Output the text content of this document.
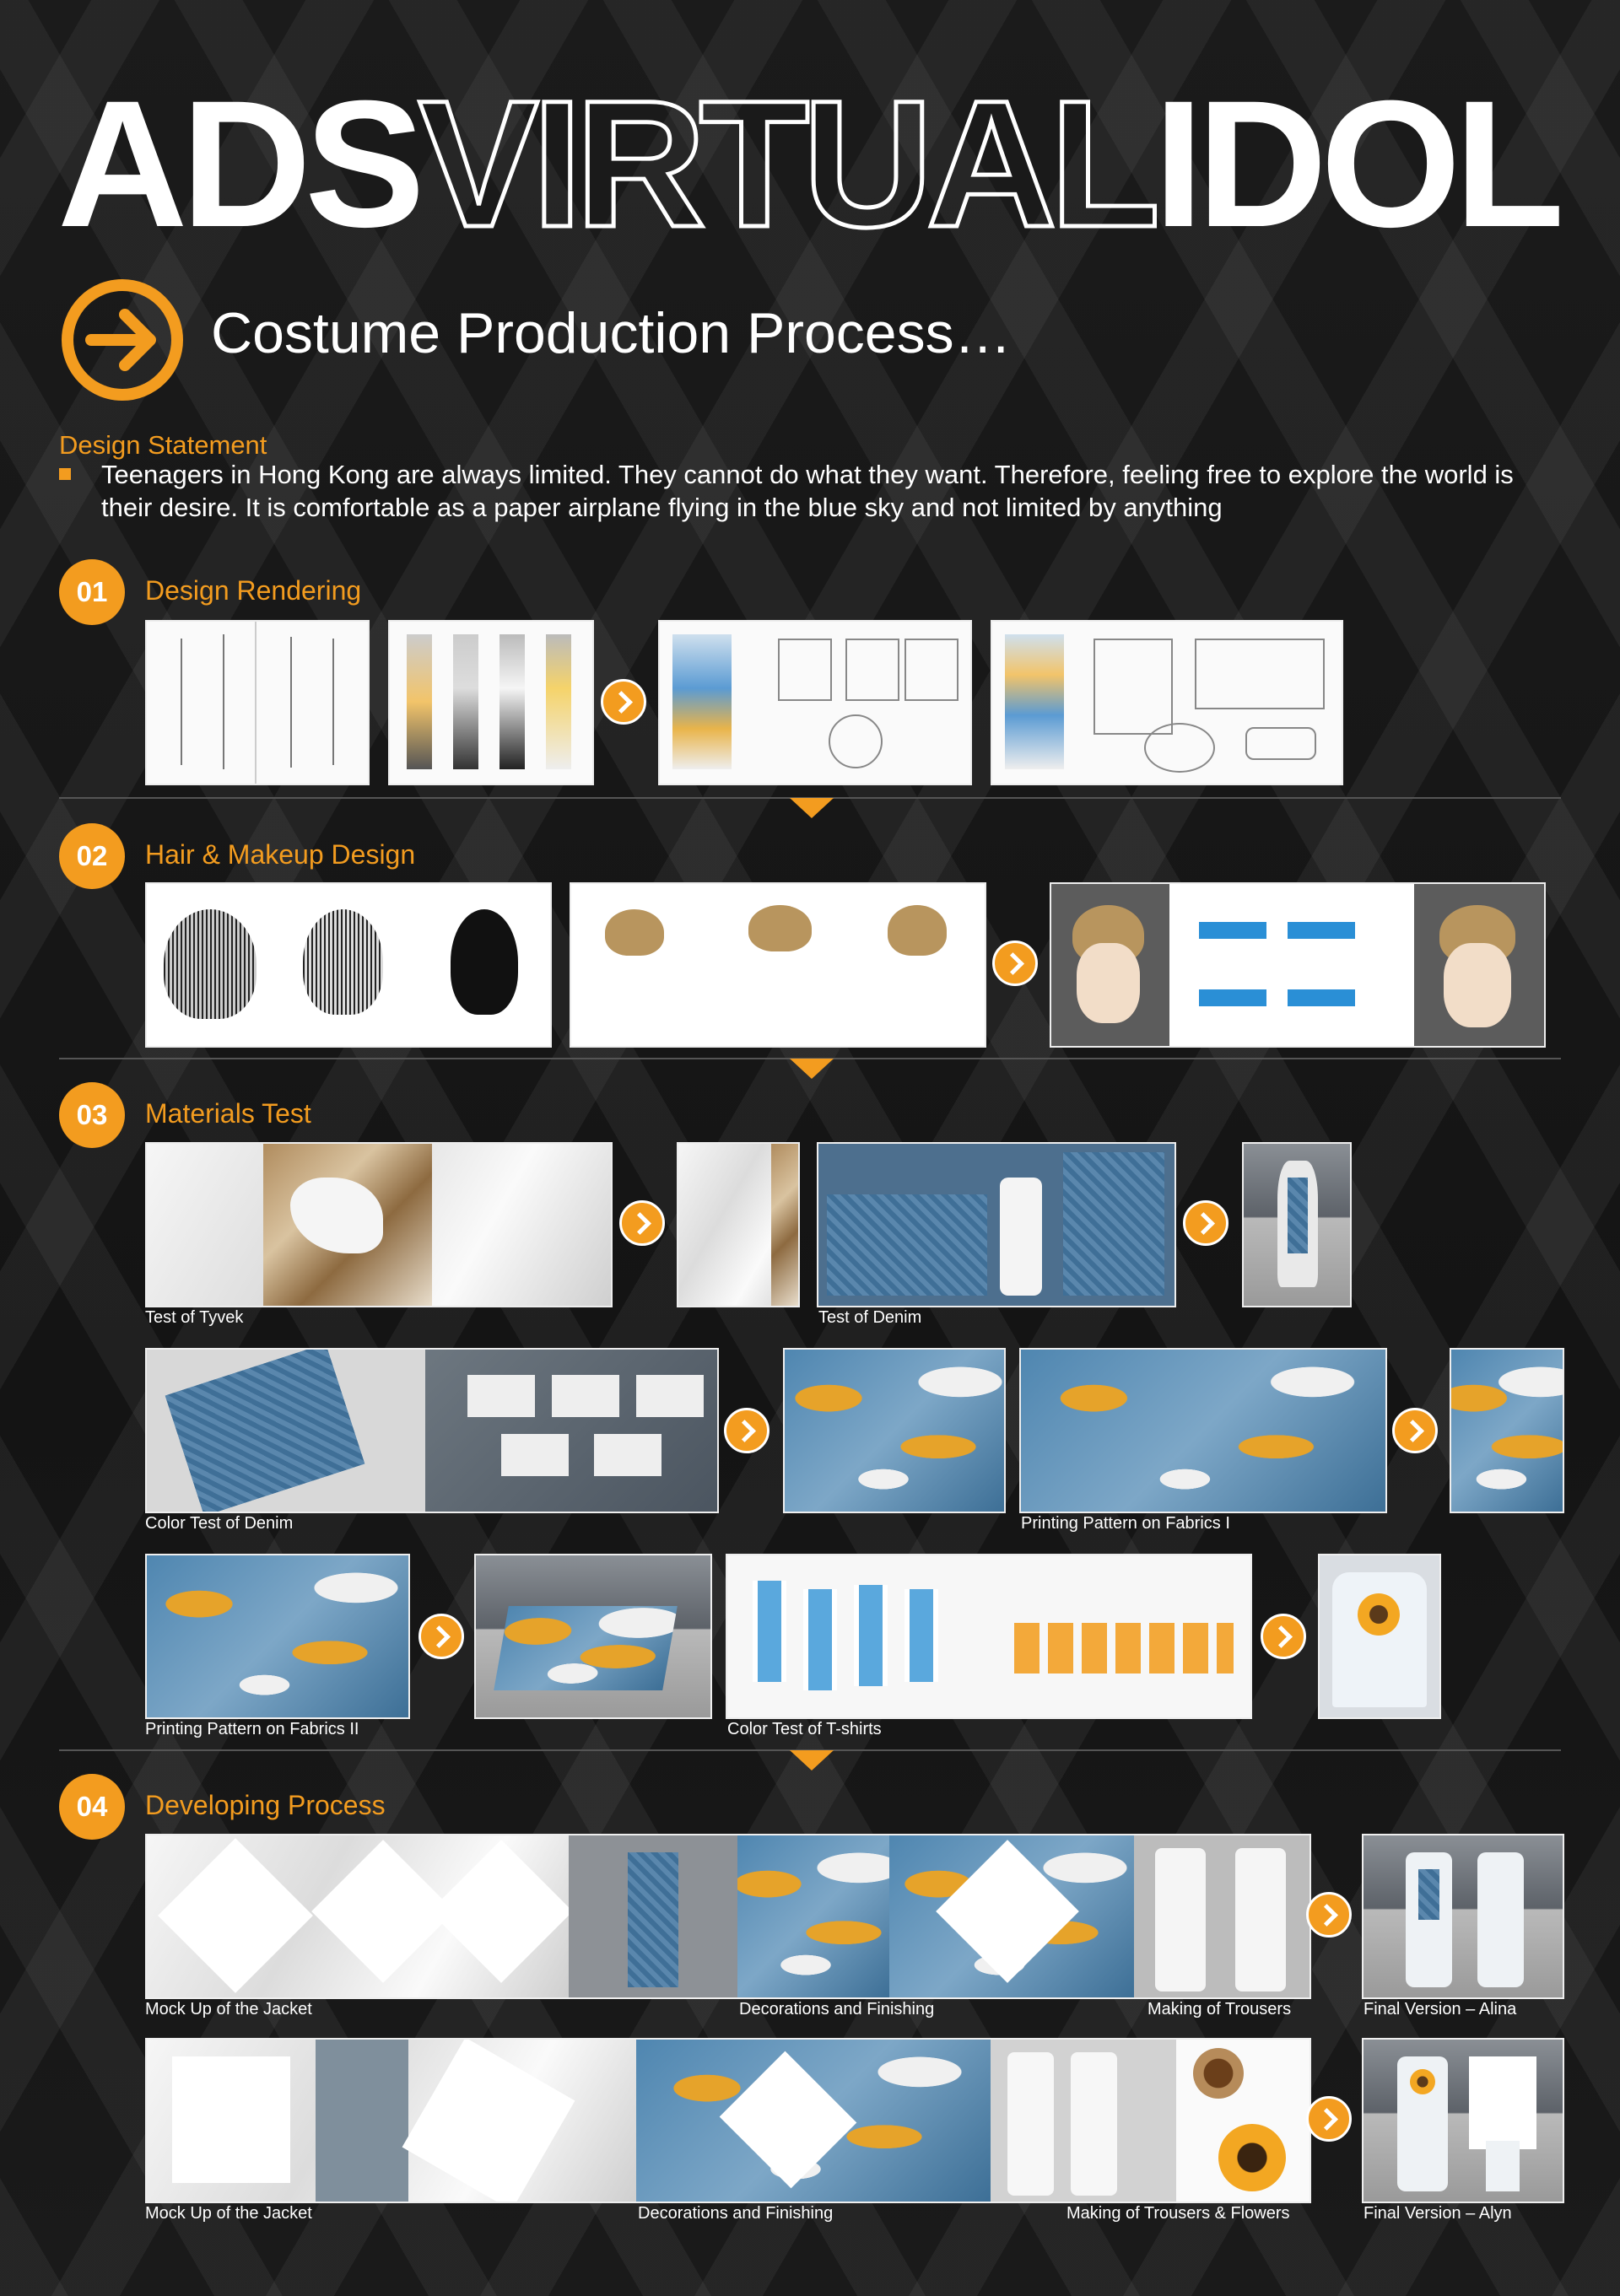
ADSVIRTUALIDOL
Costume Production Process…
Design Statement
Teenagers in Hong Kong are always limited. They cannot do what they want. Therefore, feeling free to explore the world is their desire. It is comfortable as a paper airplane flying in the blue sky and not limited by anything
01	Design Rendering
02	Hair & Makeup Design
03	Materials Test
Test of Tyvek	Test of Denim
Color Test of Denim	Printing Pattern on Fabrics I
Printing Pattern on Fabrics II	Color Test of T-shirts
04	Developing Process
Mock Up of the Jacket	Decorations and Finishing	Making of Trousers	Final Version – Alina
Mock Up of the Jacket	Decorations and Finishing	Making of Trousers & Flowers	Final Version – Alyn
